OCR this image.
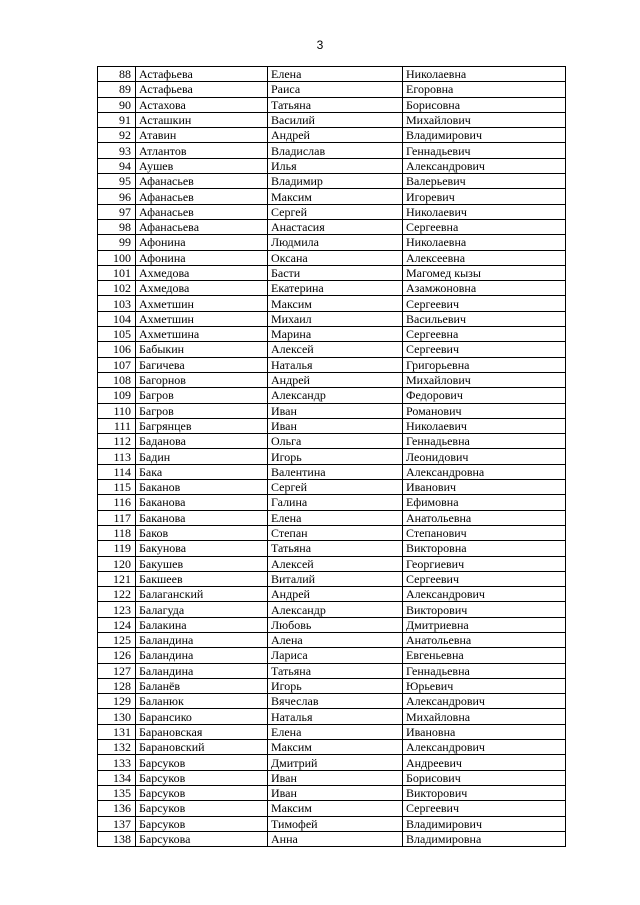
3
88	Астафьева	Елена	Николаевна
89	Астафьева	Раиса	Егоровна
90	Астахова	Татьяна	Борисовна
91	Асташкин	Василий	Михайлович
92	Атавин	Андрей	Владимирович
93	Атлантов	Владислав	Геннадьевич
94	Аушев	Илья	Александрович
95	Афанасьев	Владимир	Валерьевич
96	Афанасьев	Максим	Игоревич
97	Афанасьев	Сергей	Николаевич
98	Афанасьева	Анастасия	Сергеевна
99	Афонина	Людмила	Николаевна
100	Афонина	Оксана	Алексеевна
101	Ахмедова	Басти	Магомед кызы
102	Ахмедова	Екатерина	Азамжоновна
103	Ахметшин	Максим	Сергеевич
104	Ахметшин	Михаил	Васильевич
105	Ахметшина	Марина	Сергеевна
106	Бабыкин	Алексей	Сергеевич
107	Багичева	Наталья	Григорьевна
108	Багорнов	Андрей	Михайлович
109	Багров	Александр	Федорович
110	Багров	Иван	Романович
111	Багрянцев	Иван	Николаевич
112	Баданова	Ольга	Геннадьевна
113	Бадин	Игорь	Леонидович
114	Бака	Валентина	Александровна
115	Баканов	Сергей	Иванович
116	Баканова	Галина	Ефимовна
117	Баканова	Елена	Анатольевна
118	Баков	Степан	Степанович
119	Бакунова	Татьяна	Викторовна
120	Бакушев	Алексей	Георгиевич
121	Бакшеев	Виталий	Сергеевич
122	Балаганский	Андрей	Александрович
123	Балагуда	Александр	Викторович
124	Балакина	Любовь	Дмитриевна
125	Баландина	Алена	Анатольевна
126	Баландина	Лариса	Евгеньевна
127	Баландина	Татьяна	Геннадьевна
128	Баланёв	Игорь	Юрьевич
129	Баланюк	Вячеслав	Александрович
130	Барансико	Наталья	Михайловна
131	Барановская	Елена	Ивановна
132	Барановский	Максим	Александрович
133	Барсуков	Дмитрий	Андреевич
134	Барсуков	Иван	Борисович
135	Барсуков	Иван	Викторович
136	Барсуков	Максим	Сергеевич
137	Барсуков	Тимофей	Владимирович
138	Барсукова	Анна	Владимировна
